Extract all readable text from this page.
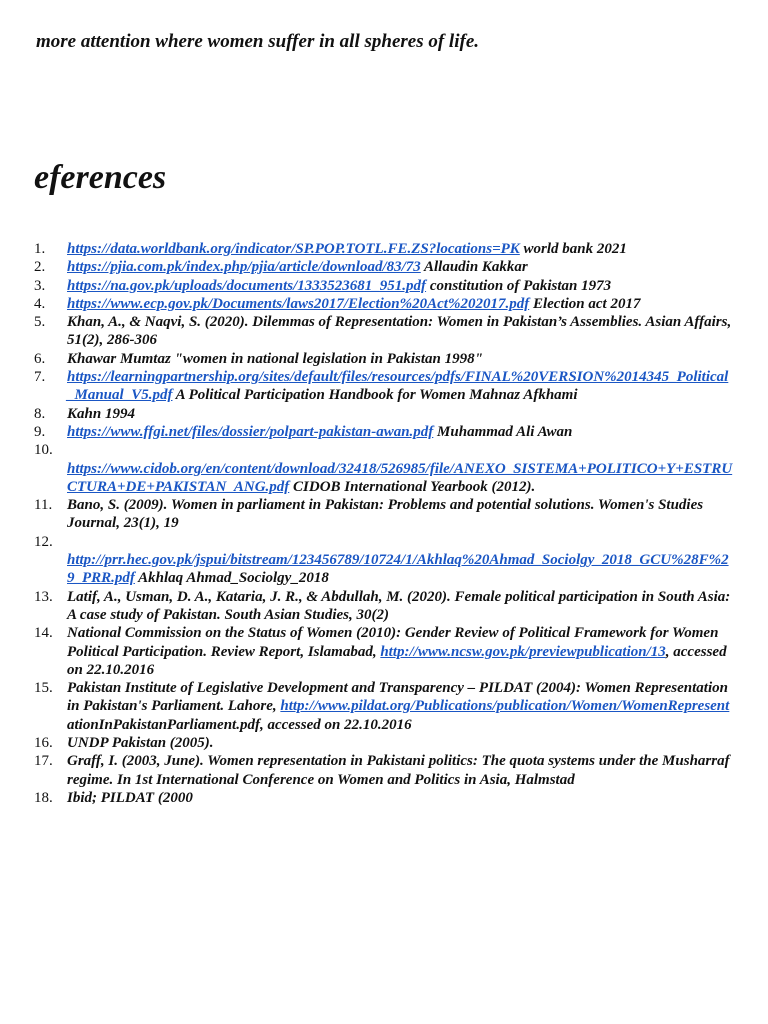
more attention where women suffer in all spheres of life.
eferences
1.	https://data.worldbank.org/indicator/SP.POP.TOTL.FE.ZS?locations=PK world bank 2021
2.	https://pjia.com.pk/index.php/pjia/article/download/83/73 Allaudin Kakkar
3.	https://na.gov.pk/uploads/documents/1333523681_951.pdf constitution of Pakistan 1973
4.	https://www.ecp.gov.pk/Documents/laws2017/Election%20Act%202017.pdf Election act 2017
5.	Khan, A., & Naqvi, S. (2020). Dilemmas of Representation: Women in Pakistan’s Assemblies. Asian Affairs, 51(2), 286-306
6.	Khawar Mumtaz "women in national legislation in Pakistan 1998"
7.	https://learningpartnership.org/sites/default/files/resources/pdfs/FINAL%20VERSION%2014345_Political_Manual_V5.pdf A Political Participation Handbook for Women Mahnaz Afkhami
8.	Kahn 1994
9.	https://www.ffgi.net/files/dossier/polpart-pakistan-awan.pdf Muhammad Ali Awan
10.
https://www.cidob.org/en/content/download/32418/526985/file/ANEXO_SISTEMA+POLITICO+Y+ESTRUCTURA+DE+PAKISTAN_ANG.pdf CIDOB International Yearbook (2012).
11. Bano, S. (2009). Women in parliament in Pakistan: Problems and potential solutions. Women's Studies Journal, 23(1), 19
12.
http://prr.hec.gov.pk/jspui/bitstream/123456789/10724/1/Akhlaq%20Ahmad_Sociolgy_2018_GCU%28F%29_PRR.pdf Akhlaq Ahmad_Sociolgy_2018
13. Latif, A., Usman, D. A., Kataria, J. R., & Abdullah, M. (2020). Female political participation in South Asia: A case study of Pakistan. South Asian Studies, 30(2)
14. National Commission on the Status of Women (2010): Gender Review of Political Framework for Women Political Participation. Review Report, Islamabad, http://www.ncsw.gov.pk/previewpublication/13, accessed on 22.10.2016
15. Pakistan Institute of Legislative Development and Transparency – PILDAT (2004): Women Representation in Pakistan's Parliament. Lahore, http://www.pildat.org/Publications/publication/Women/WomenRepresent ationInPakistanParliament.pdf, accessed on 22.10.2016
16. UNDP Pakistan (2005).
17. Graff, I. (2003, June). Women representation in Pakistani politics: The quota systems under the Musharraf regime. In 1st International Conference on Women and Politics in Asia, Halmstad
18. Ibid; PILDAT (2000
